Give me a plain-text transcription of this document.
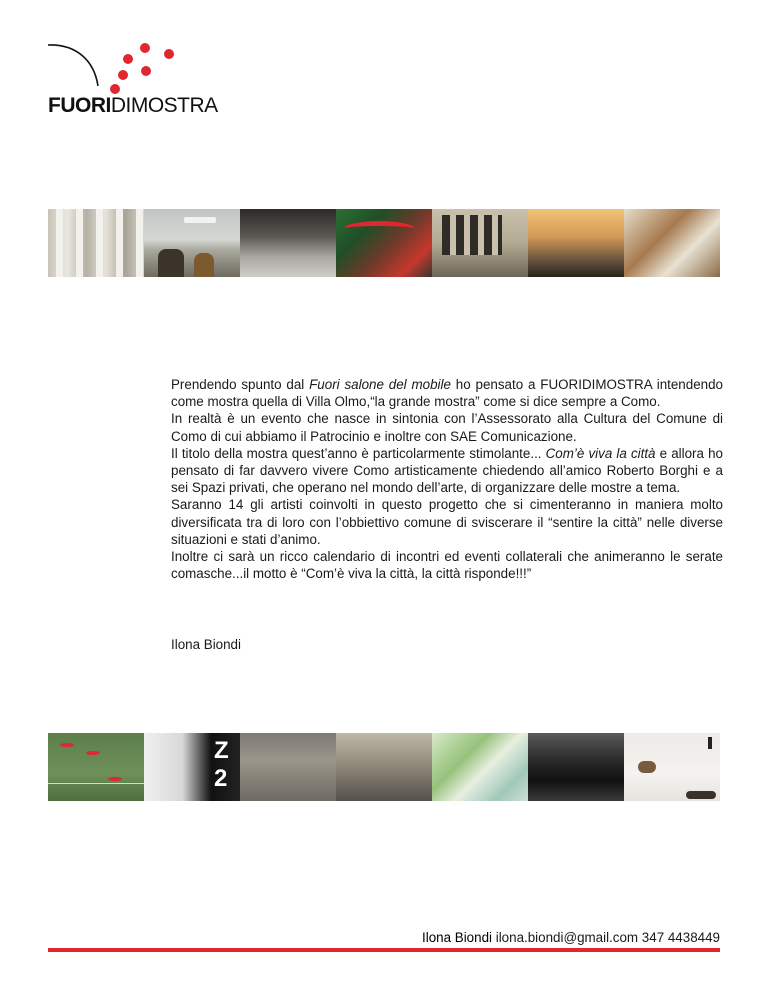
FUORIDIMOSTRA

Prendendo spunto dal Fuori salone del mobile ho pensato a FUORIDIMOSTRA intendendo come mostra quella di Villa Olmo,“la grande mostra” come si dice sempre a Como.

In realtà è un evento che nasce in sintonia con l’Assessorato alla Cultura del Comune di Como di cui abbiamo il Patrocinio e inoltre con SAE Comunicazione.

Il titolo della mostra quest’anno è particolarmente stimolante... Com’è viva la città e allora ho pensato di far davvero vivere Como artisticamente chiedendo all’amico Roberto Borghi e a sei Spazi privati, che operano nel mondo dell’arte, di organizzare delle mostre a tema.

Saranno 14 gli artisti coinvolti in questo progetto che si cimenteranno in maniera molto diversificata tra di loro con l’obbiettivo comune di sviscerare il “sentire la città” nelle diverse situazioni e stati d’animo.

Inoltre ci sarà un ricco calendario di incontri ed eventi collaterali che animeranno le serate comasche...il motto è “Com’è viva la città, la città risponde!!!”

Ilona Biondi
Z
2
Ilona Biondi ilona.biondi@gmail.com 347 4438449
